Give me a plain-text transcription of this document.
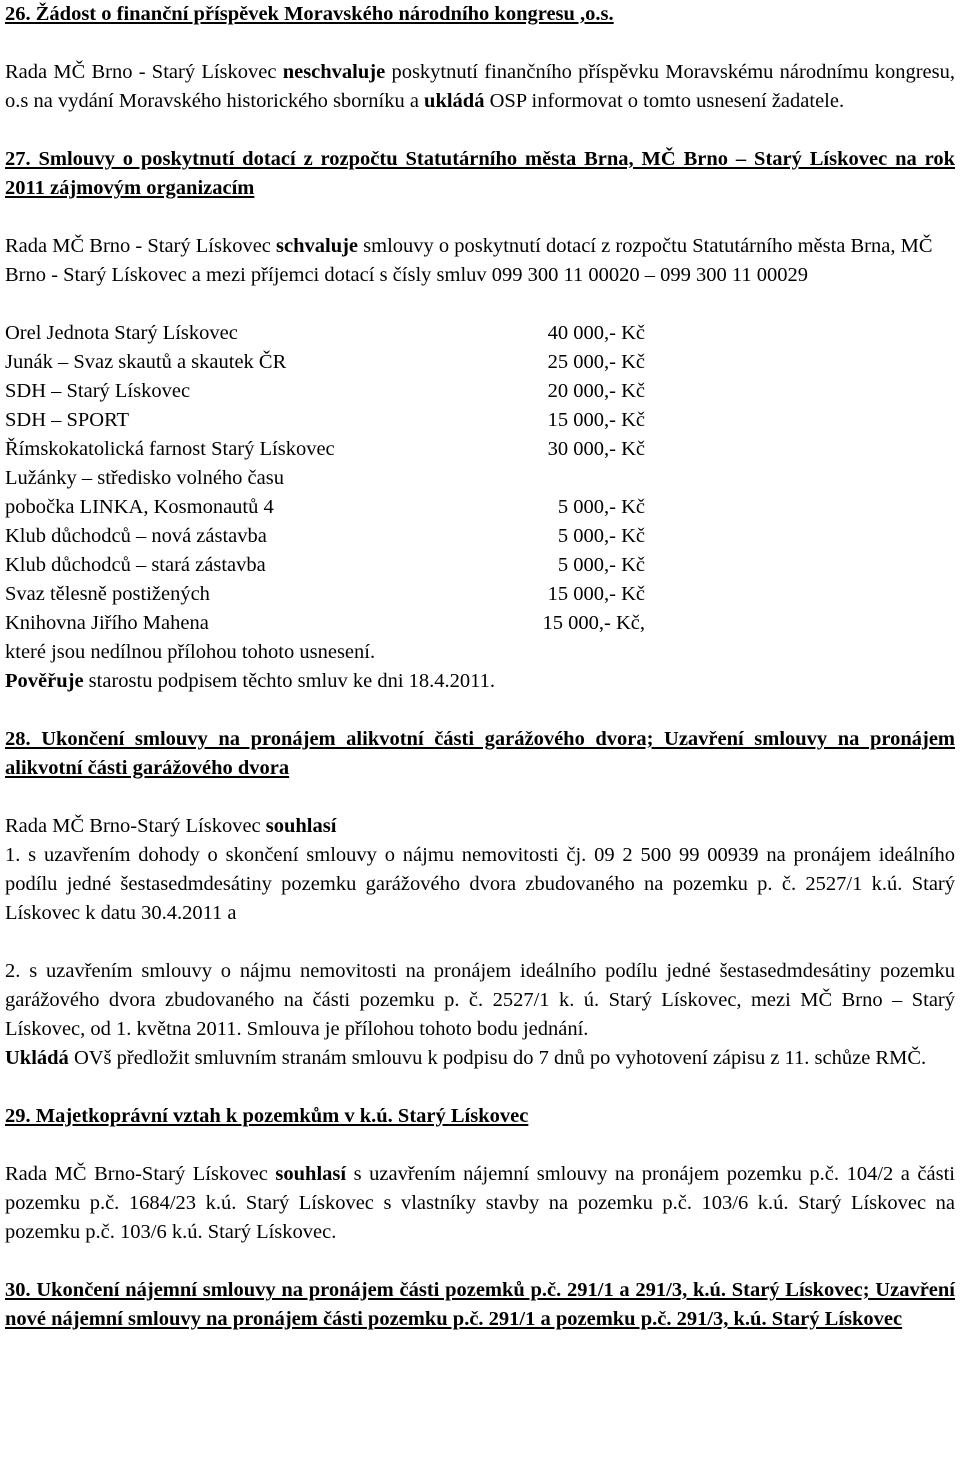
26. Žádost o finanční příspěvek Moravského národního kongresu ,o.s.

Rada MČ Brno - Starý Lískovec neschvaluje poskytnutí finančního příspěvku Moravskému národnímu kongresu, o.s na vydání Moravského historického sborníku a ukládá OSP informovat o tomto usnesení žadatele.

27. Smlouvy o poskytnutí dotací z rozpočtu Statutárního města Brna, MČ Brno – Starý Lískovec na rok 2011 zájmovým organizacím

Rada MČ Brno - Starý Lískovec schvaluje smlouvy o poskytnutí dotací z rozpočtu Statutárního města Brna, MČ Brno - Starý Lískovec a mezi příjemci dotací s čísly smluv 099 300 11 00020 – 099 300 11 00029

Orel Jednota Starý Lískovec	40 000,- Kč
Junák – Svaz skautů a skautek ČR	25 000,- Kč
SDH – Starý Lískovec	20 000,- Kč
SDH – SPORT	15 000,- Kč
Římskokatolická farnost Starý Lískovec	30 000,- Kč
Lužánky – středisko volného času
pobočka LINKA, Kosmonautů 4	5 000,- Kč
Klub důchodců – nová zástavba	5 000,- Kč
Klub důchodců – stará zástavba	5 000,- Kč
Svaz tělesně postižených	15 000,- Kč
Knihovna Jiřího Mahena	15 000,- Kč,

které jsou nedílnou přílohou tohoto usnesení.

Pověřuje starostu podpisem těchto smluv ke dni 18.4.2011.

28. Ukončení smlouvy na pronájem alikvotní části garážového dvora; Uzavření smlouvy na pronájem alikvotní části garážového dvora

Rada MČ Brno-Starý Lískovec souhlasí

1. s uzavřením dohody o skončení smlouvy o nájmu nemovitosti čj. 09 2 500 99 00939 na pronájem ideálního podílu jedné šestasedmdesátiny pozemku garážového dvora zbudovaného na pozemku p. č. 2527/1 k.ú. Starý Lískovec k datu 30.4.2011 a

2. s uzavřením smlouvy o nájmu nemovitosti na pronájem ideálního podílu jedné šestasedmdesátiny pozemku garážového dvora zbudovaného na části pozemku p. č. 2527/1 k. ú. Starý Lískovec, mezi MČ Brno – Starý Lískovec, od 1. května 2011. Smlouva je přílohou tohoto bodu jednání.

Ukládá OVš předložit smluvním stranám smlouvu k podpisu do 7 dnů po vyhotovení zápisu z 11. schůze RMČ.

29. Majetkoprávní vztah k pozemkům v k.ú. Starý Lískovec

Rada MČ Brno-Starý Lískovec souhlasí s uzavřením nájemní smlouvy na pronájem pozemku p.č. 104/2 a části pozemku p.č. 1684/23 k.ú. Starý Lískovec s vlastníky stavby na pozemku p.č. 103/6 k.ú. Starý Lískovec na pozemku p.č. 103/6 k.ú. Starý Lískovec.

30. Ukončení nájemní smlouvy na pronájem části pozemků p.č. 291/1 a 291/3, k.ú. Starý Lískovec; Uzavření nové nájemní smlouvy na pronájem části pozemku p.č. 291/1 a pozemku p.č. 291/3, k.ú. Starý Lískovec
